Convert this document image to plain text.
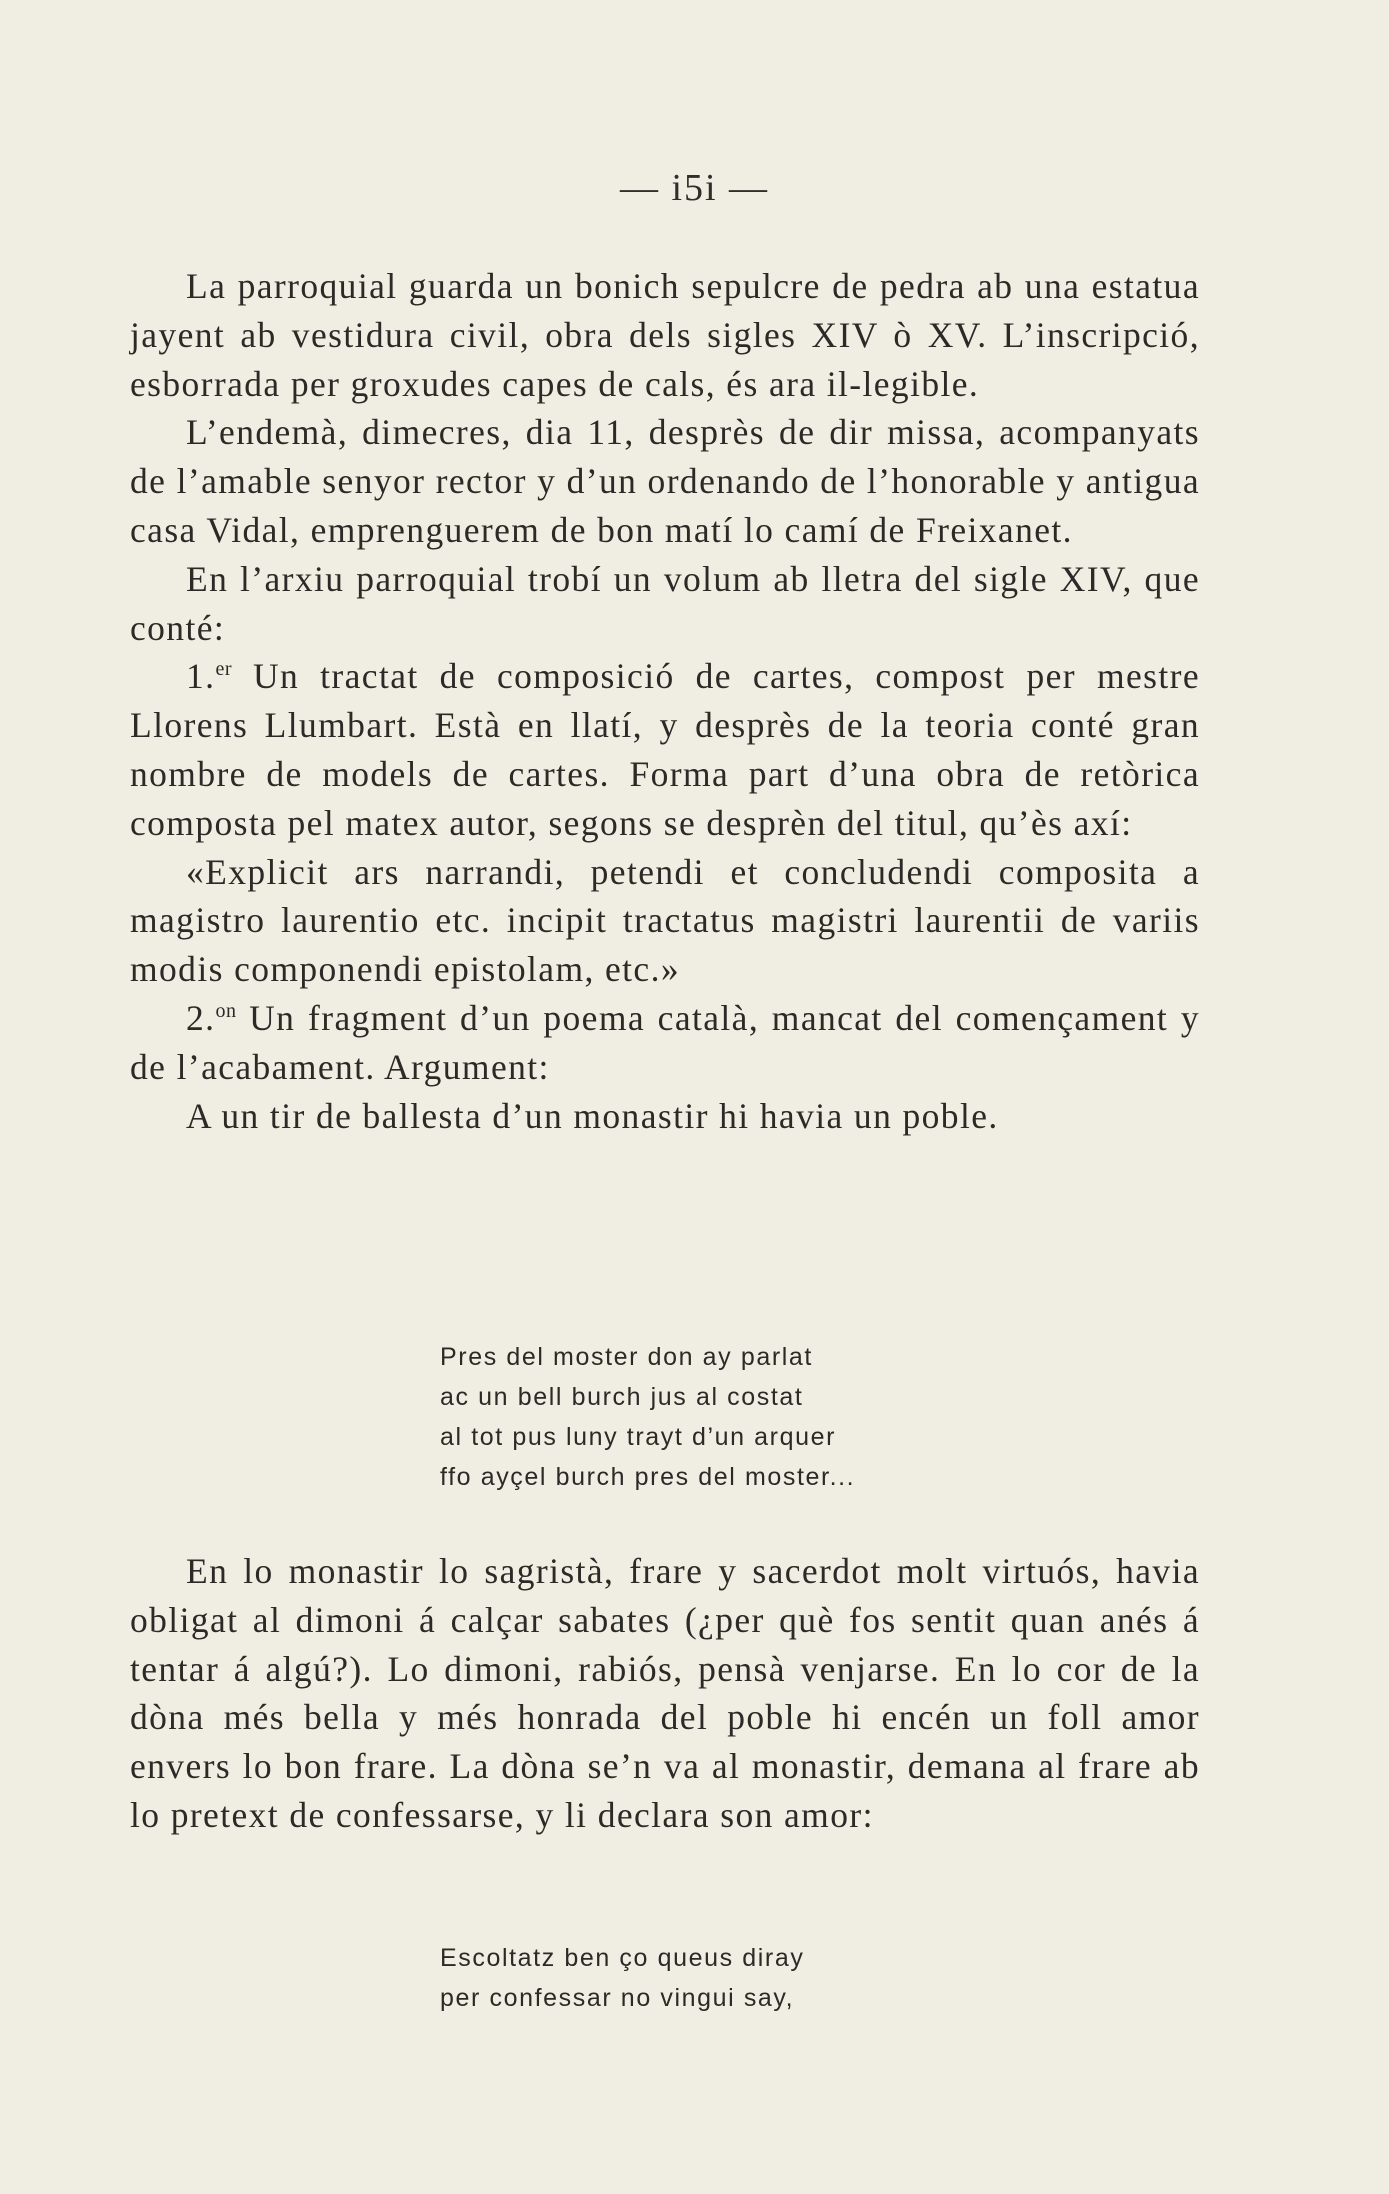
— i5i —

La parroquial guarda un bonich sepulcre de pedra ab una estatua jayent ab vestidura civil, obra dels sigles XIV ò XV. L’inscripció, esborrada per groxudes capes de cals, és ara il-legible.

L’endemà, dimecres, dia 11, desprès de dir missa, acompanyats de l’amable senyor rector y d’un ordenando de l’honorable y antigua casa Vidal, emprenguerem de bon matí lo camí de Freixanet.

En l’arxiu parroquial trobí un volum ab lletra del sigle XIV, que conté:

1.$^{er}$ Un tractat de composició de cartes, compost per mestre Llorens Llumbart. Està en llatí, y desprès de la teoria conté gran nombre de models de cartes. Forma part d’una obra de retòrica composta pel matex autor, segons se desprèn del titul, qu’ès axí:

«Explicit ars narrandi, petendi et concludendi composita a magistro laurentio etc. incipit tractatus magistri laurentii de variis modis componendi epistolam, etc.»

2.$^{on}$ Un fragment d’un poema català, mancat del començament y de l’acabament. Argument:

A un tir de ballesta d’un monastir hi havia un poble.

Pres del moster don ay parlat
ac un bell burch jus al costat
al tot pus luny trayt d’un arquer
ffo ayçel burch pres del moster...

En lo monastir lo sagristà, frare y sacerdot molt virtuós, havia obligat al dimoni á calçar sabates (¿per què fos sentit quan anés á tentar á algú?). Lo dimoni, rabiós, pensà venjarse. En lo cor de la dòna més bella y més honrada del poble hi encén un foll amor envers lo bon frare. La dòna se’n va al monastir, demana al frare ab lo pretext de confessarse, y li declara son amor:

Escoltatz ben ço queus diray
per confessar no vingui say,
